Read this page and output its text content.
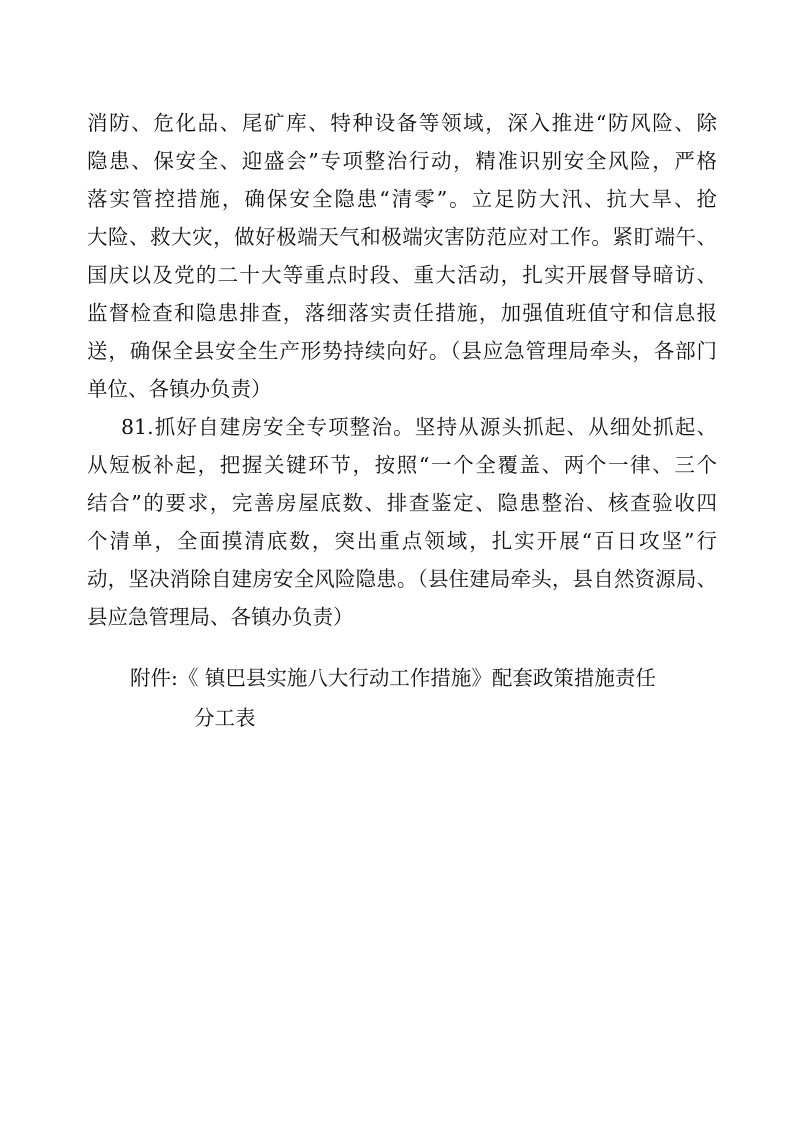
消防、危化品、尾矿库、特种设备等领域，深入推进“防风险、除
隐患、保安全、迎盛会”专项整治行动，精准识别安全风险，严格
落实管控措施，确保安全隐患“清零”。立足防大汛、抗大旱、抢
大险、救大灾，做好极端天气和极端灾害防范应对工作。紧盯端午、
国庆以及党的二十大等重点时段、重大活动，扎实开展督导暗访、
监督检查和隐患排查，落细落实责任措施，加强值班值守和信息报
送，确保全县安全生产形势持续向好。（县应急管理局牵头，各部门
单位、各镇办负责）
81.抓好自建房安全专项整治。坚持从源头抓起、从细处抓起、
从短板补起，把握关键环节，按照“一个全覆盖、两个一律、三个
结合”的要求，完善房屋底数、排查鉴定、隐患整治、核查验收四
个清单，全面摸清底数，突出重点领域，扎实开展“百日攻坚”行
动，坚决消除自建房安全风险隐患。（县住建局牵头，县自然资源局、
县应急管理局、各镇办负责）
附件:《 镇巴县实施八大行动工作措施》配套政策措施责任
分工表
